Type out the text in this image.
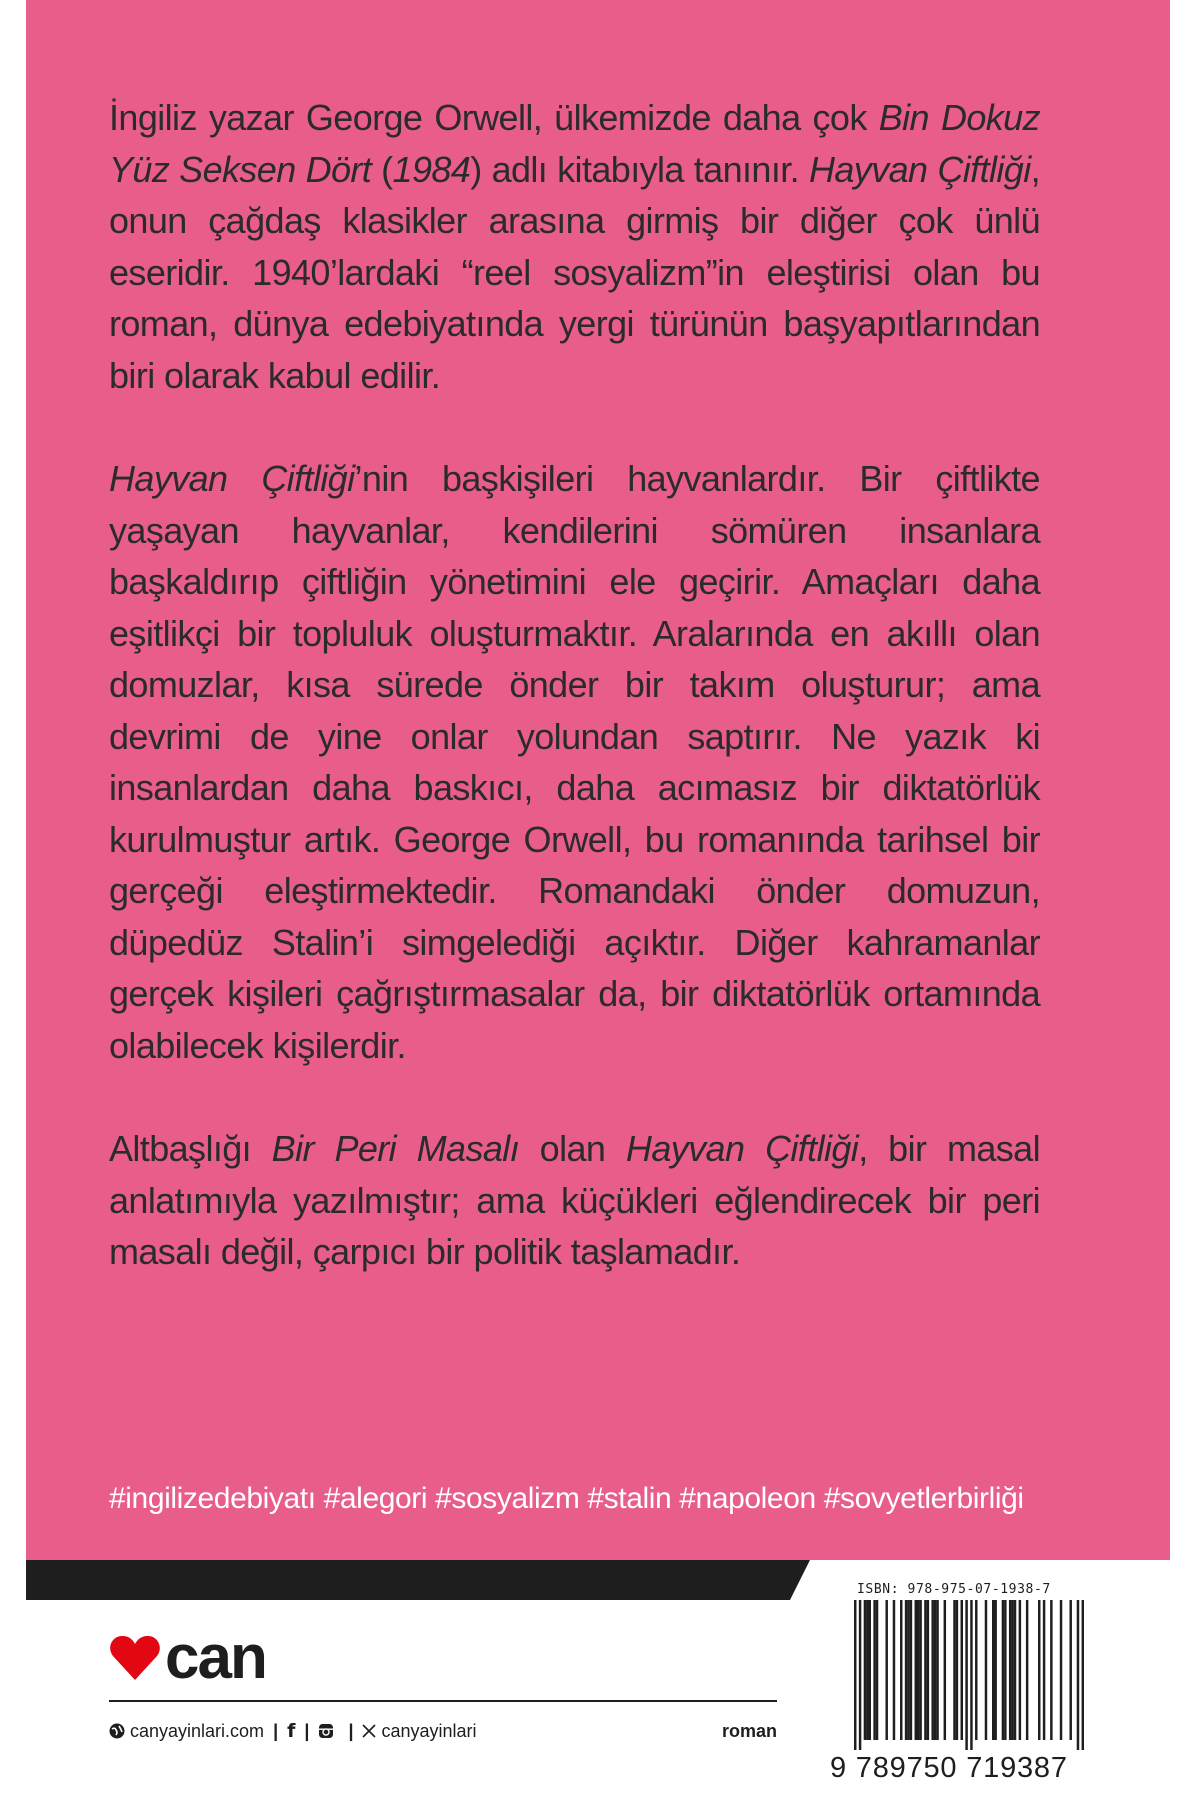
İngiliz yazar George Orwell, ülkemizde daha çok Bin Dokuz Yüz Seksen Dört (1984) adlı kitabıyla tanınır. Hayvan Çiftliği, onun çağdaş klasikler arasına girmiş bir diğer çok ünlü eseridir. 1940’lardaki “reel sosyalizm”in eleştirisi olan bu roman, dünya edebiyatında yergi türünün başyapıtlarından biri olarak kabul edilir.

Hayvan Çiftliği’nin başkişileri hayvanlardır. Bir çiftlikte yaşayan hayvanlar, kendilerini sömüren insanlara başkaldırıp çiftliğin yönetimini ele geçirir. Amaçları daha eşitlikçi bir topluluk oluşturmaktır. Aralarında en akıllı olan domuzlar, kısa sürede önder bir takım oluşturur; ama devrimi de yine onlar yolundan saptırır. Ne yazık ki insanlardan daha baskıcı, daha acımasız bir diktatörlük kurulmuştur artık. George Orwell, bu romanında tarihsel bir gerçeği eleştirmektedir. Romandaki önder domuzun, düpedüz Stalin’i simgelediği açıktır. Diğer kahramanlar gerçek kişileri çağrıştırmasalar da, bir diktatörlük ortamında olabilecek kişilerdir.

Altbaşlığı Bir Peri Masalı olan Hayvan Çiftliği, bir masal anlatımıyla yazılmıştır; ama küçükleri eğlendirecek bir peri masalı değil, çarpıcı bir politik taşlamadır.

#ingilizedebiyatı #alegori #sosyalizm #stalin #napoleon #sovyetlerbirliği
can
canyayinlari.com | f | | canyayinlari	roman
ISBN: 978-975-07-1938-7
9 789750 719387
